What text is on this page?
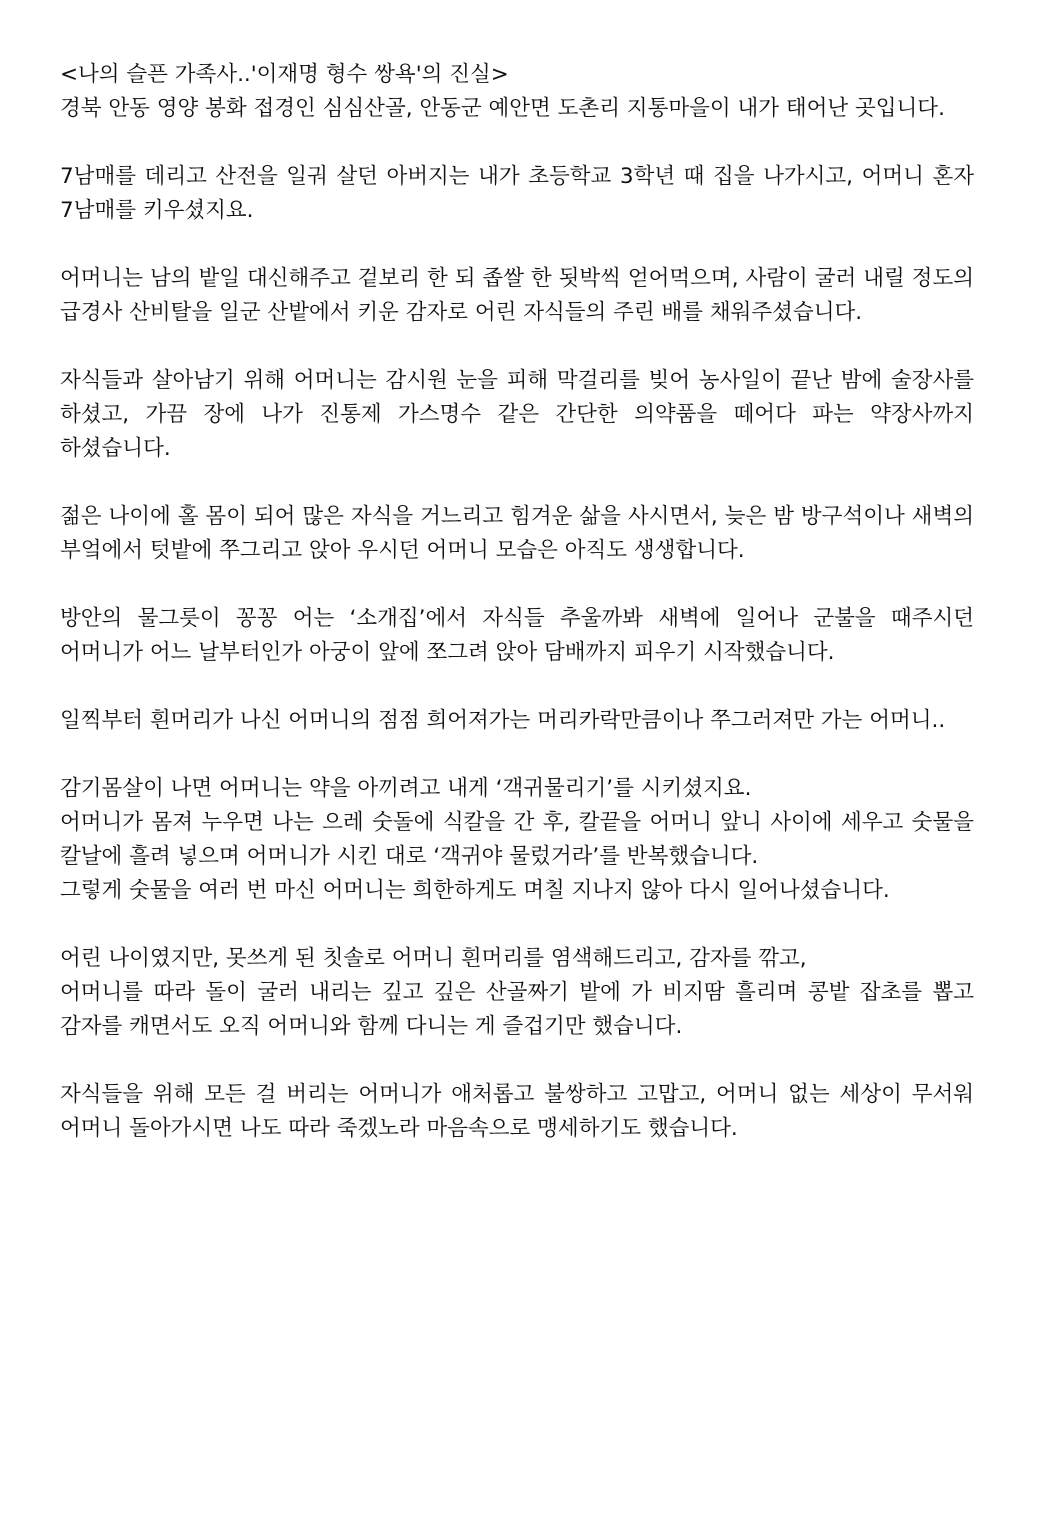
<나의 슬픈 가족사..'이재명 형수 쌍욕'의 진실>
경북 안동 영양 봉화 접경인 심심산골, 안동군 예안면 도촌리 지통마을이 내가 태어난 곳입니다.
7남매를 데리고 산전을 일궈 살던 아버지는 내가 초등학교 3학년 때 집을 나가시고, 어머니 혼자 7남매를 키우셨지요.
어머니는 남의 밭일 대신해주고 겉보리 한 되 좁쌀 한 됫박씩 얻어먹으며, 사람이 굴러 내릴 정도의 급경사 산비탈을 일군 산밭에서 키운 감자로 어린 자식들의 주린 배를 채워주셨습니다.
자식들과 살아남기 위해 어머니는 감시원 눈을 피해 막걸리를 빚어 농사일이 끝난 밤에 술장사를 하셨고, 가끔 장에 나가 진통제 가스명수 같은 간단한 의약품을 떼어다 파는 약장사까지 하셨습니다.
젊은 나이에 홀 몸이 되어 많은 자식을 거느리고 힘겨운 삶을 사시면서, 늦은 밤 방구석이나 새벽의 부엌에서 텃밭에 쭈그리고 앉아 우시던 어머니 모습은 아직도 생생합니다.
방안의 물그릇이 꽁꽁 어는 ‘소개집’에서 자식들 추울까봐 새벽에 일어나 군불을 때주시던 어머니가 어느 날부터인가 아궁이 앞에 쪼그려 앉아 담배까지 피우기 시작했습니다.
일찍부터 흰머리가 나신 어머니의 점점 희어져가는 머리카락만큼이나 쭈그러져만 가는 어머니..
감기몸살이 나면 어머니는 약을 아끼려고 내게 ‘객귀물리기’를 시키셨지요.
어머니가 몸져 누우면 나는 으레 숫돌에 식칼을 간 후, 칼끝을 어머니 앞니 사이에 세우고 숫물을 칼날에 흘려 넣으며 어머니가 시킨 대로 ‘객귀야 물렀거라’를 반복했습니다.
그렇게 숫물을 여러 번 마신 어머니는 희한하게도 며칠 지나지 않아 다시 일어나셨습니다.
어린 나이였지만, 못쓰게 된 칫솔로 어머니 흰머리를 염색해드리고, 감자를 깎고,
어머니를 따라 돌이 굴러 내리는 깊고 깊은 산골짜기 밭에 가 비지땀 흘리며 콩밭 잡초를 뽑고 감자를 캐면서도 오직 어머니와 함께 다니는 게 즐겁기만 했습니다.
자식들을 위해 모든 걸 버리는 어머니가 애처롭고 불쌍하고 고맙고, 어머니 없는 세상이 무서워 어머니 돌아가시면 나도 따라 죽겠노라 마음속으로 맹세하기도 했습니다.
